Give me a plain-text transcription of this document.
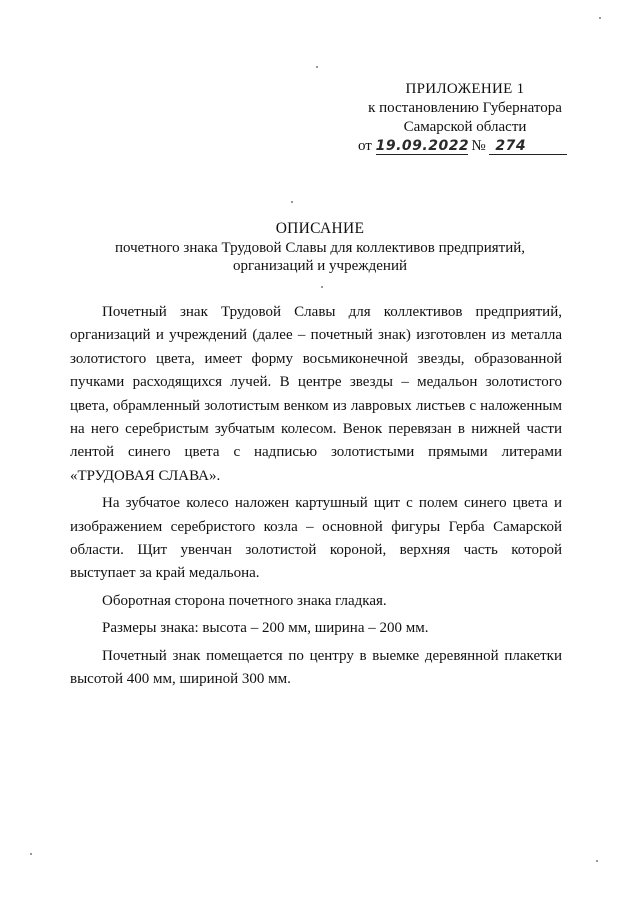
ПРИЛОЖЕНИЕ 1
к постановлению Губернатора
Самарской области
от 19.09.2022 № 274
ОПИСАНИЕ
почетного знака Трудовой Славы для коллективов предприятий,
организаций и учреждений

Почетный знак Трудовой Славы для коллективов предприятий, организаций и учреждений (далее – почетный знак) изготовлен из металла золотистого цвета, имеет форму восьмиконечной звезды, образованной пучками расходящихся лучей. В центре звезды – медальон золотистого цвета, обрамленный золотистым венком из лавровых листьев с наложенным на него серебристым зубчатым колесом. Венок перевязан в нижней части лентой синего цвета с надписью золотистыми прямыми литерами «ТРУДОВАЯ СЛАВА».

На зубчатое колесо наложен картушный щит с полем синего цвета и изображением серебристого козла – основной фигуры Герба Самарской области. Щит увенчан золотистой короной, верхняя часть которой выступает за край медальона.

Оборотная сторона почетного знака гладкая.

Размеры знака: высота – 200 мм, ширина – 200 мм.

Почетный знак помещается по центру в выемке деревянной плакетки высотой 400 мм, шириной 300 мм.
